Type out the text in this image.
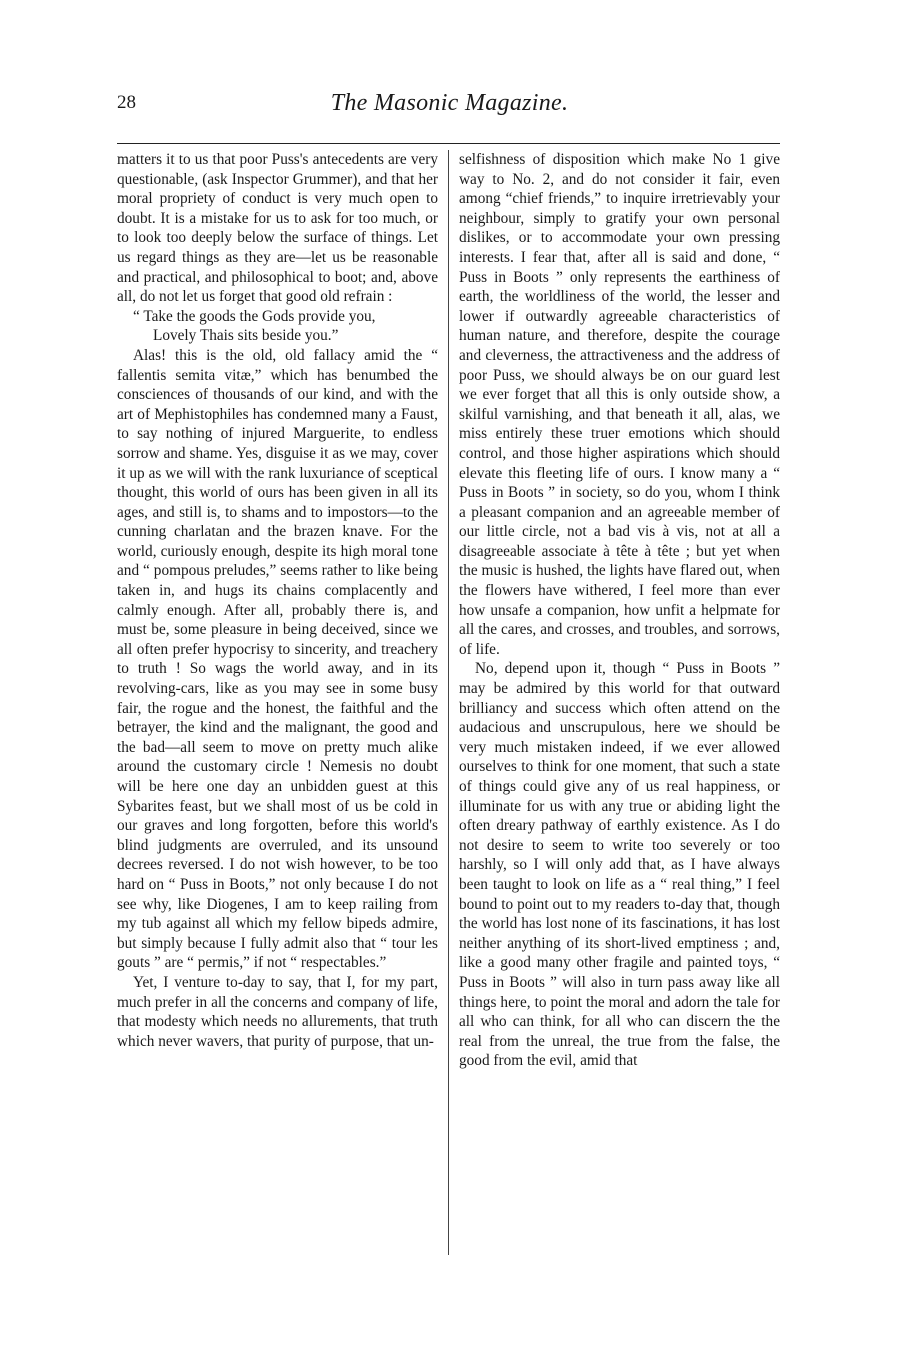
28	The Masonic Magazine.

matters it to us that poor Puss's antecedents are very questionable, (ask Inspector Grummer), and that her moral propriety of conduct is very much open to doubt. It is a mistake for us to ask for too much, or to look too deeply below the surface of things. Let us regard things as they are—let us be reasonable and practical, and philosophical to boot; and, above all, do not let us forget that good old refrain :

“ Take the goods the Gods provide you,
Lovely Thais sits beside you.”

Alas! this is the old, old fallacy amid the “ fallentis semita vitæ,” which has benumbed the consciences of thousands of our kind, and with the art of Mephistophiles has condemned many a Faust, to say nothing of injured Marguerite, to endless sorrow and shame. Yes, disguise it as we may, cover it up as we will with the rank luxuriance of sceptical thought, this world of ours has been given in all its ages, and still is, to shams and to impostors—to the cunning charlatan and the brazen knave. For the world, curiously enough, despite its high moral tone and “ pompous preludes,” seems rather to like being taken in, and hugs its chains complacently and calmly enough. After all, probably there is, and must be, some pleasure in being deceived, since we all often prefer hypocrisy to sincerity, and treachery to truth ! So wags the world away, and in its revolving-cars, like as you may see in some busy fair, the rogue and the honest, the faithful and the betrayer, the kind and the malignant, the good and the bad—all seem to move on pretty much alike around the customary circle ! Nemesis no doubt will be here one day an unbidden guest at this Sybarites feast, but we shall most of us be cold in our graves and long forgotten, before this world's blind judgments are overruled, and its unsound decrees reversed. I do not wish however, to be too hard on “ Puss in Boots,” not only because I do not see why, like Diogenes, I am to keep railing from my tub against all which my fellow bipeds admire, but simply because I fully admit also that “ tour les gouts ” are “ permis,” if not “ respectables.”

Yet, I venture to-day to say, that I, for my part, much prefer in all the concerns and company of life, that modesty which needs no allurements, that truth which never wavers, that purity of purpose, that un-

selfishness of disposition which make No 1 give way to No. 2, and do not consider it fair, even among “chief friends,” to inquire irretrievably your neighbour, simply to gratify your own personal dislikes, or to accommodate your own pressing interests. I fear that, after all is said and done, “ Puss in Boots ” only represents the earthiness of earth, the worldliness of the world, the lesser and lower if outwardly agreeable characteristics of human nature, and therefore, despite the courage and cleverness, the attractiveness and the address of poor Puss, we should always be on our guard lest we ever forget that all this is only outside show, a skilful varnishing, and that beneath it all, alas, we miss entirely these truer emotions which should control, and those higher aspirations which should elevate this fleeting life of ours. I know many a “ Puss in Boots ” in society, so do you, whom I think a pleasant companion and an agreeable member of our little circle, not a bad vis à vis, not at all a disagreeable associate à tête à tête ; but yet when the music is hushed, the lights have flared out, when the flowers have withered, I feel more than ever how unsafe a companion, how unfit a helpmate for all the cares, and crosses, and troubles, and sorrows, of life.

No, depend upon it, though “ Puss in Boots ” may be admired by this world for that outward brilliancy and success which often attend on the audacious and unscrupulous, here we should be very much mistaken indeed, if we ever allowed ourselves to think for one moment, that such a state of things could give any of us real happiness, or illuminate for us with any true or abiding light the often dreary pathway of earthly existence. As I do not desire to seem to write too severely or too harshly, so I will only add that, as I have always been taught to look on life as a “ real thing,” I feel bound to point out to my readers to-day that, though the world has lost none of its fascinations, it has lost neither anything of its short-lived emptiness ; and, like a good many other fragile and painted toys, “ Puss in Boots ” will also in turn pass away like all things here, to point the moral and adorn the tale for all who can think, for all who can discern the the real from the unreal, the true from the false, the good from the evil, amid that
